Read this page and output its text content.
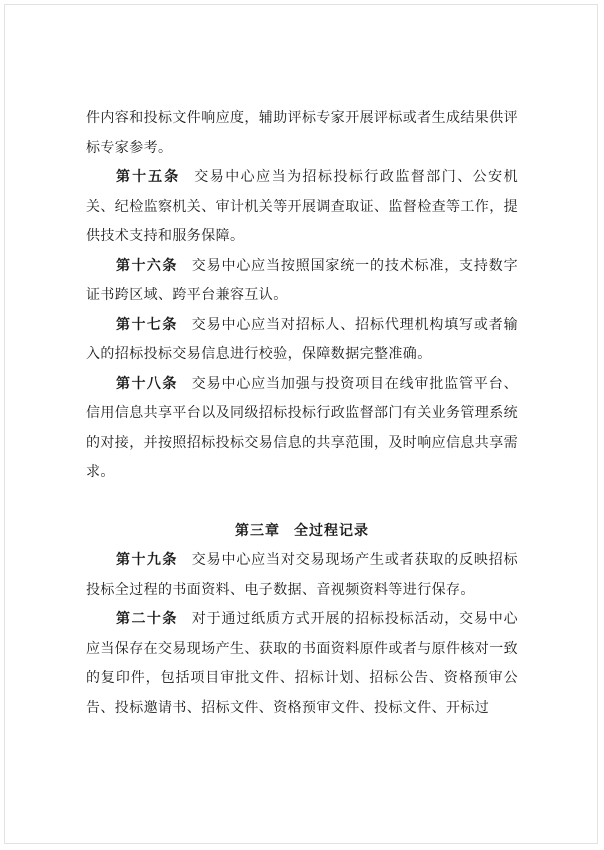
件内容和投标文件响应度，辅助评标专家开展评标或者生成结果供评标专家参考。

第十五条 交易中心应当为招标投标行政监督部门、公安机关、纪检监察机关、审计机关等开展调查取证、监督检查等工作，提供技术支持和服务保障。

第十六条 交易中心应当按照国家统一的技术标准，支持数字证书跨区域、跨平台兼容互认。

第十七条 交易中心应当对招标人、招标代理机构填写或者输入的招标投标交易信息进行校验，保障数据完整准确。

第十八条 交易中心应当加强与投资项目在线审批监管平台、信用信息共享平台以及同级招标投标行政监督部门有关业务管理系统的对接，并按照招标投标交易信息的共享范围，及时响应信息共享需求。

第三章 全过程记录

第十九条 交易中心应当对交易现场产生或者获取的反映招标投标全过程的书面资料、电子数据、音视频资料等进行保存。

第二十条 对于通过纸质方式开展的招标投标活动，交易中心应当保存在交易现场产生、获取的书面资料原件或者与原件核对一致的复印件，包括项目审批文件、招标计划、招标公告、资格预审公告、投标邀请书、招标文件、资格预审文件、投标文件、开标过
